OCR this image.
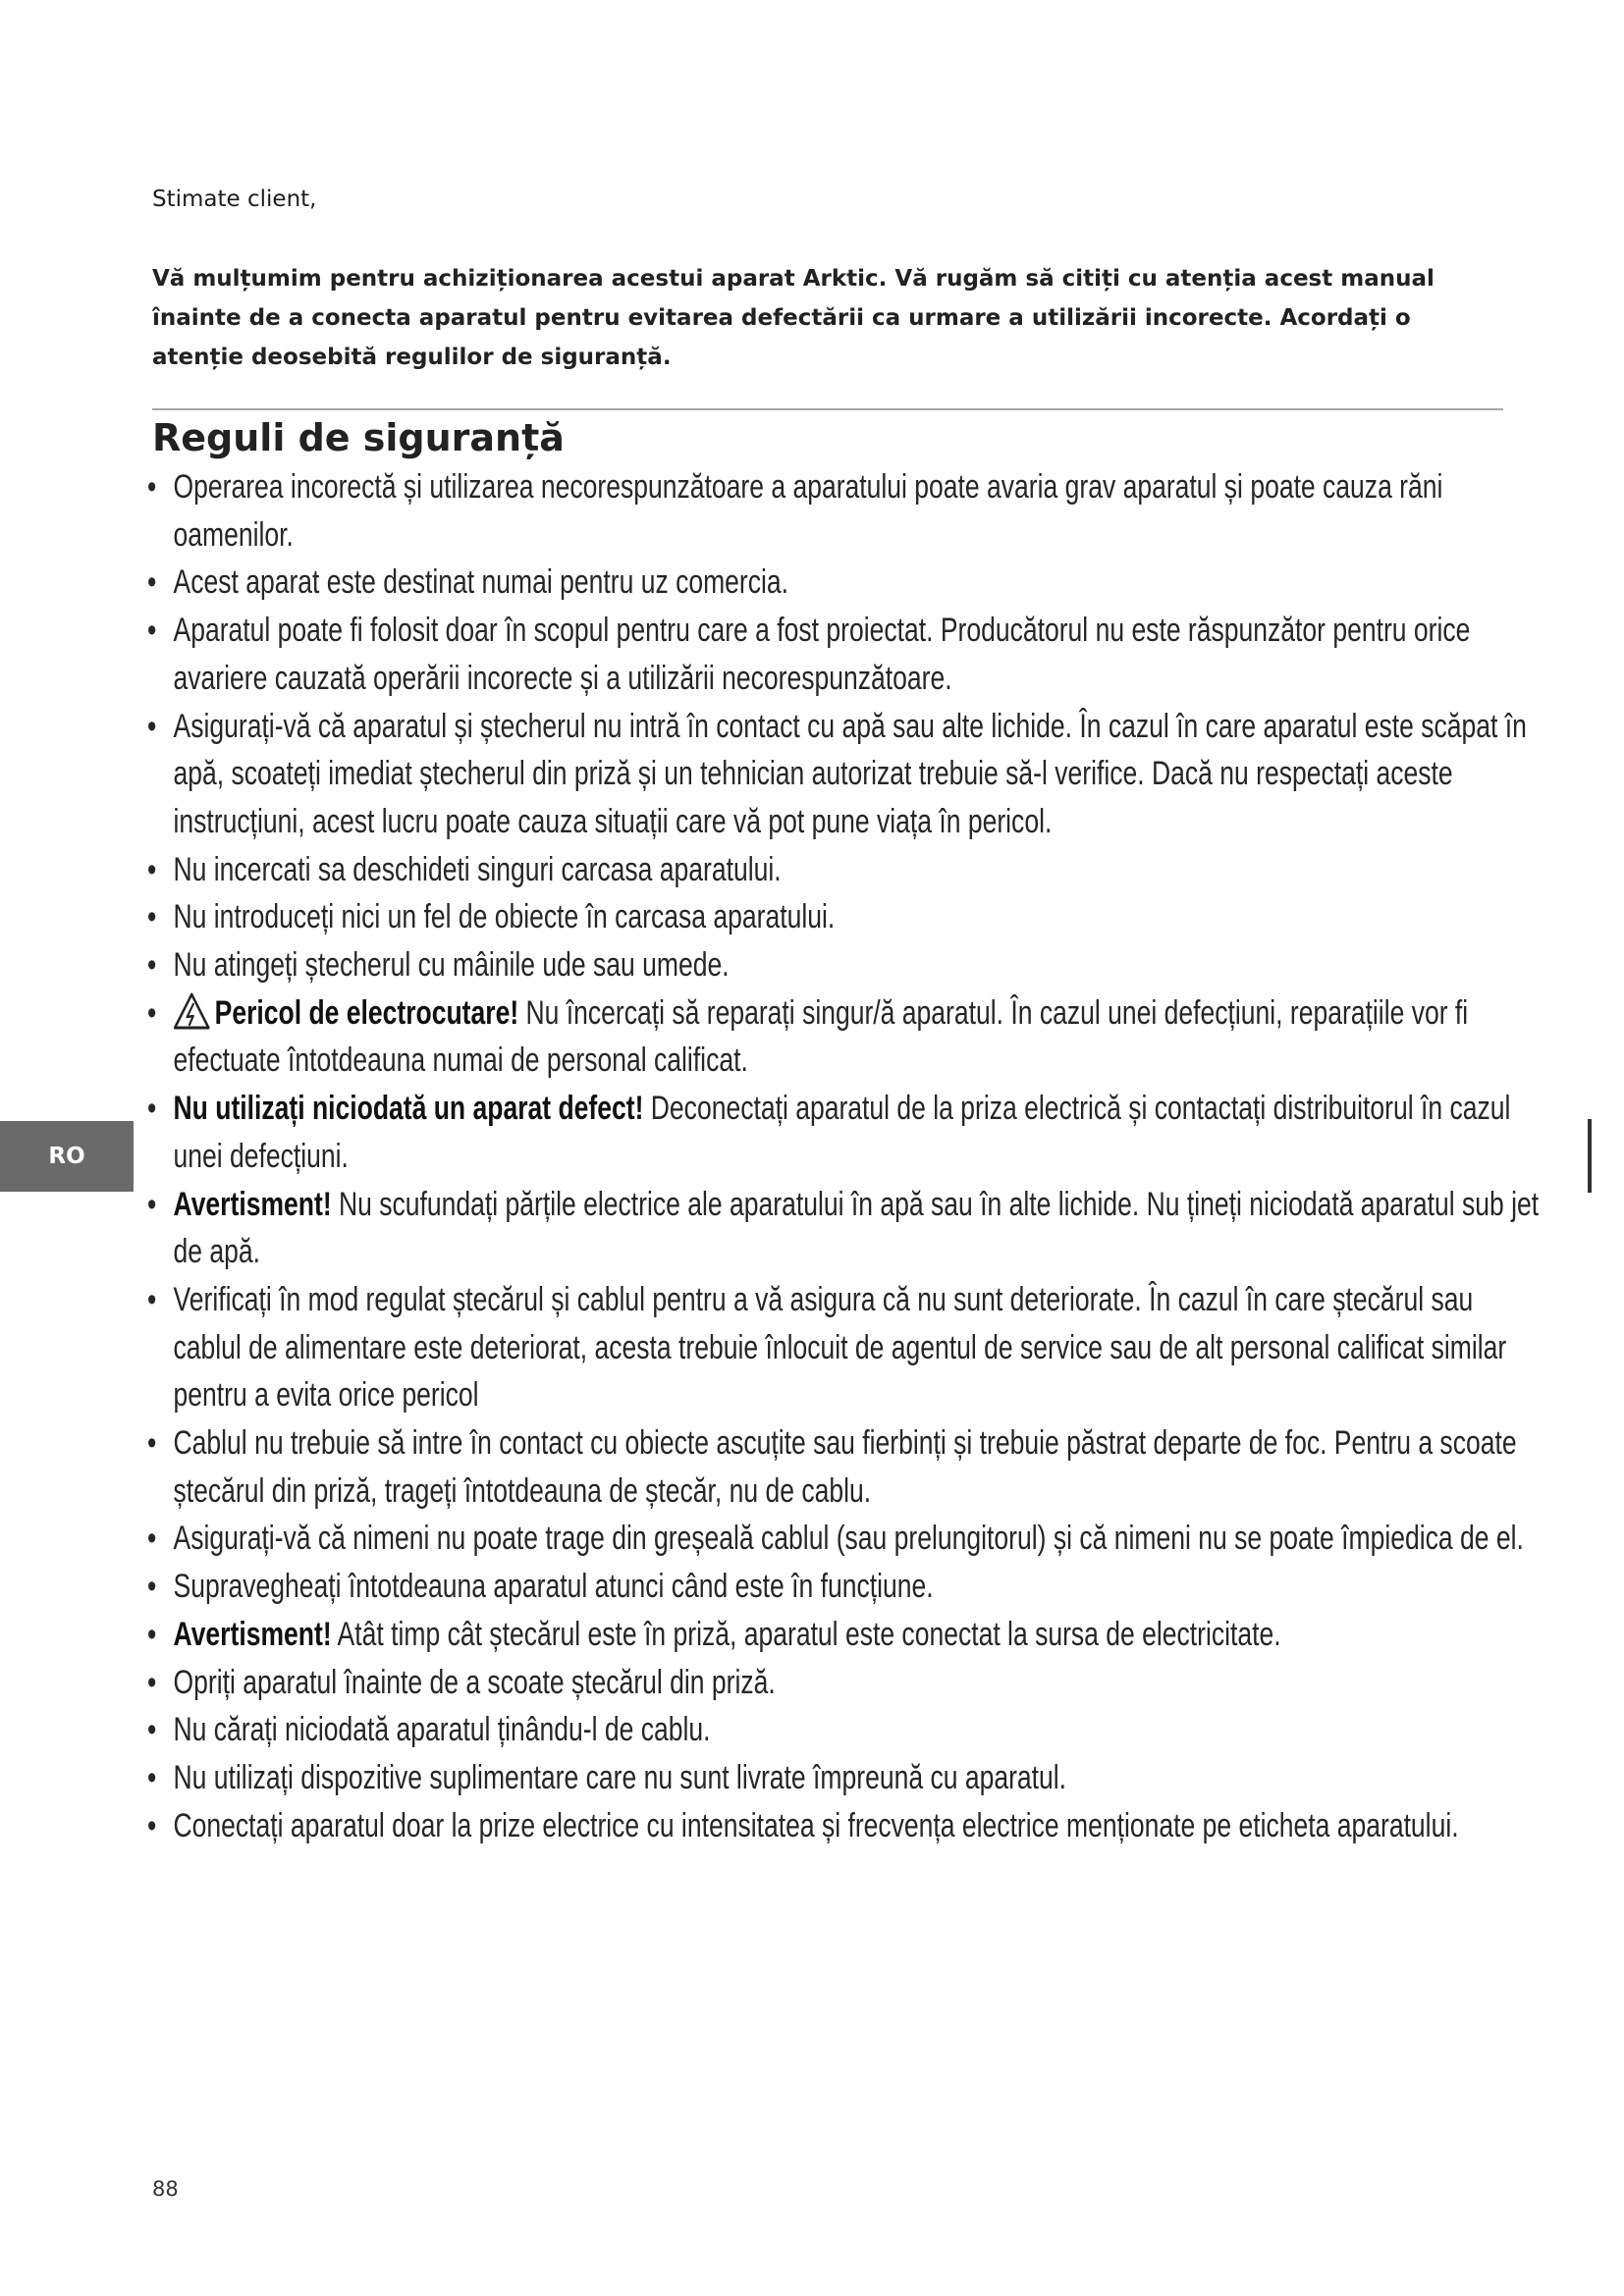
Stimate client,
Vă mulțumim pentru achiziționarea acestui aparat Arktic. Vă rugăm să citiți cu atenția acest manual înainte de a conecta aparatul pentru evitarea defectării ca urmare a utilizării incorecte. Acordați o atenție deosebită regulilor de siguranță.
Reguli de siguranță
• Operarea incorectă și utilizarea necorespunzătoare a aparatului poate avaria grav aparatul și poate cauza răni oamenilor.
• Acest aparat este destinat numai pentru uz comercia.
• Aparatul poate fi folosit doar în scopul pentru care a fost proiectat. Producătorul nu este răspunzător pentru orice avariere cauzată operării incorecte și a utilizării necorespunzătoare.
• Asigurați-vă că aparatul și ștecherul nu intră în contact cu apă sau alte lichide. În cazul în care aparatul este scăpat în apă, scoateți imediat ștecherul din priză și un tehnician autorizat trebuie să-l verifice. Dacă nu respectați aceste instrucțiuni, acest lucru poate cauza situații care vă pot pune viața în pericol.
• Nu incercati sa deschideti singuri carcasa aparatului.
• Nu introduceți nici un fel de obiecte în carcasa aparatului.
• Nu atingeți ștecherul cu mâinile ude sau umede.
• Pericol de electrocutare! Nu încercați să reparați singur/ă aparatul. În cazul unei defecțiuni, reparațiile vor fi efectuate întotdeauna numai de personal calificat.
• Nu utilizați niciodată un aparat defect! Deconectați aparatul de la priza electrică și contactați distribuitorul în cazul unei defecțiuni.
• Avertisment! Nu scufundați părțile electrice ale aparatului în apă sau în alte lichide. Nu țineți niciodată aparatul sub jet de apă.
• Verificați în mod regulat ștecărul și cablul pentru a vă asigura că nu sunt deteriorate. În cazul în care ștecărul sau cablul de alimentare este deteriorat, acesta trebuie înlocuit de agentul de service sau de alt personal calificat similar pentru a evita orice pericol
• Cablul nu trebuie să intre în contact cu obiecte ascuțite sau fierbinți și trebuie păstrat departe de foc. Pentru a scoate ștecărul din priză, trageți întotdeauna de ștecăr, nu de cablu.
• Asigurați-vă că nimeni nu poate trage din greșeală cablul (sau prelungitorul) și că nimeni nu se poate împiedica de el.
• Supravegheați întotdeauna aparatul atunci când este în funcțiune.
• Avertisment! Atât timp cât ștecărul este în priză, aparatul este conectat la sursa de electricitate.
• Opriți aparatul înainte de a scoate ștecărul din priză.
• Nu cărați niciodată aparatul ținându-l de cablu.
• Nu utilizați dispozitive suplimentare care nu sunt livrate împreună cu aparatul.
• Conectați aparatul doar la prize electrice cu intensitatea și frecvența electrice menționate pe eticheta aparatului.
RO
88
